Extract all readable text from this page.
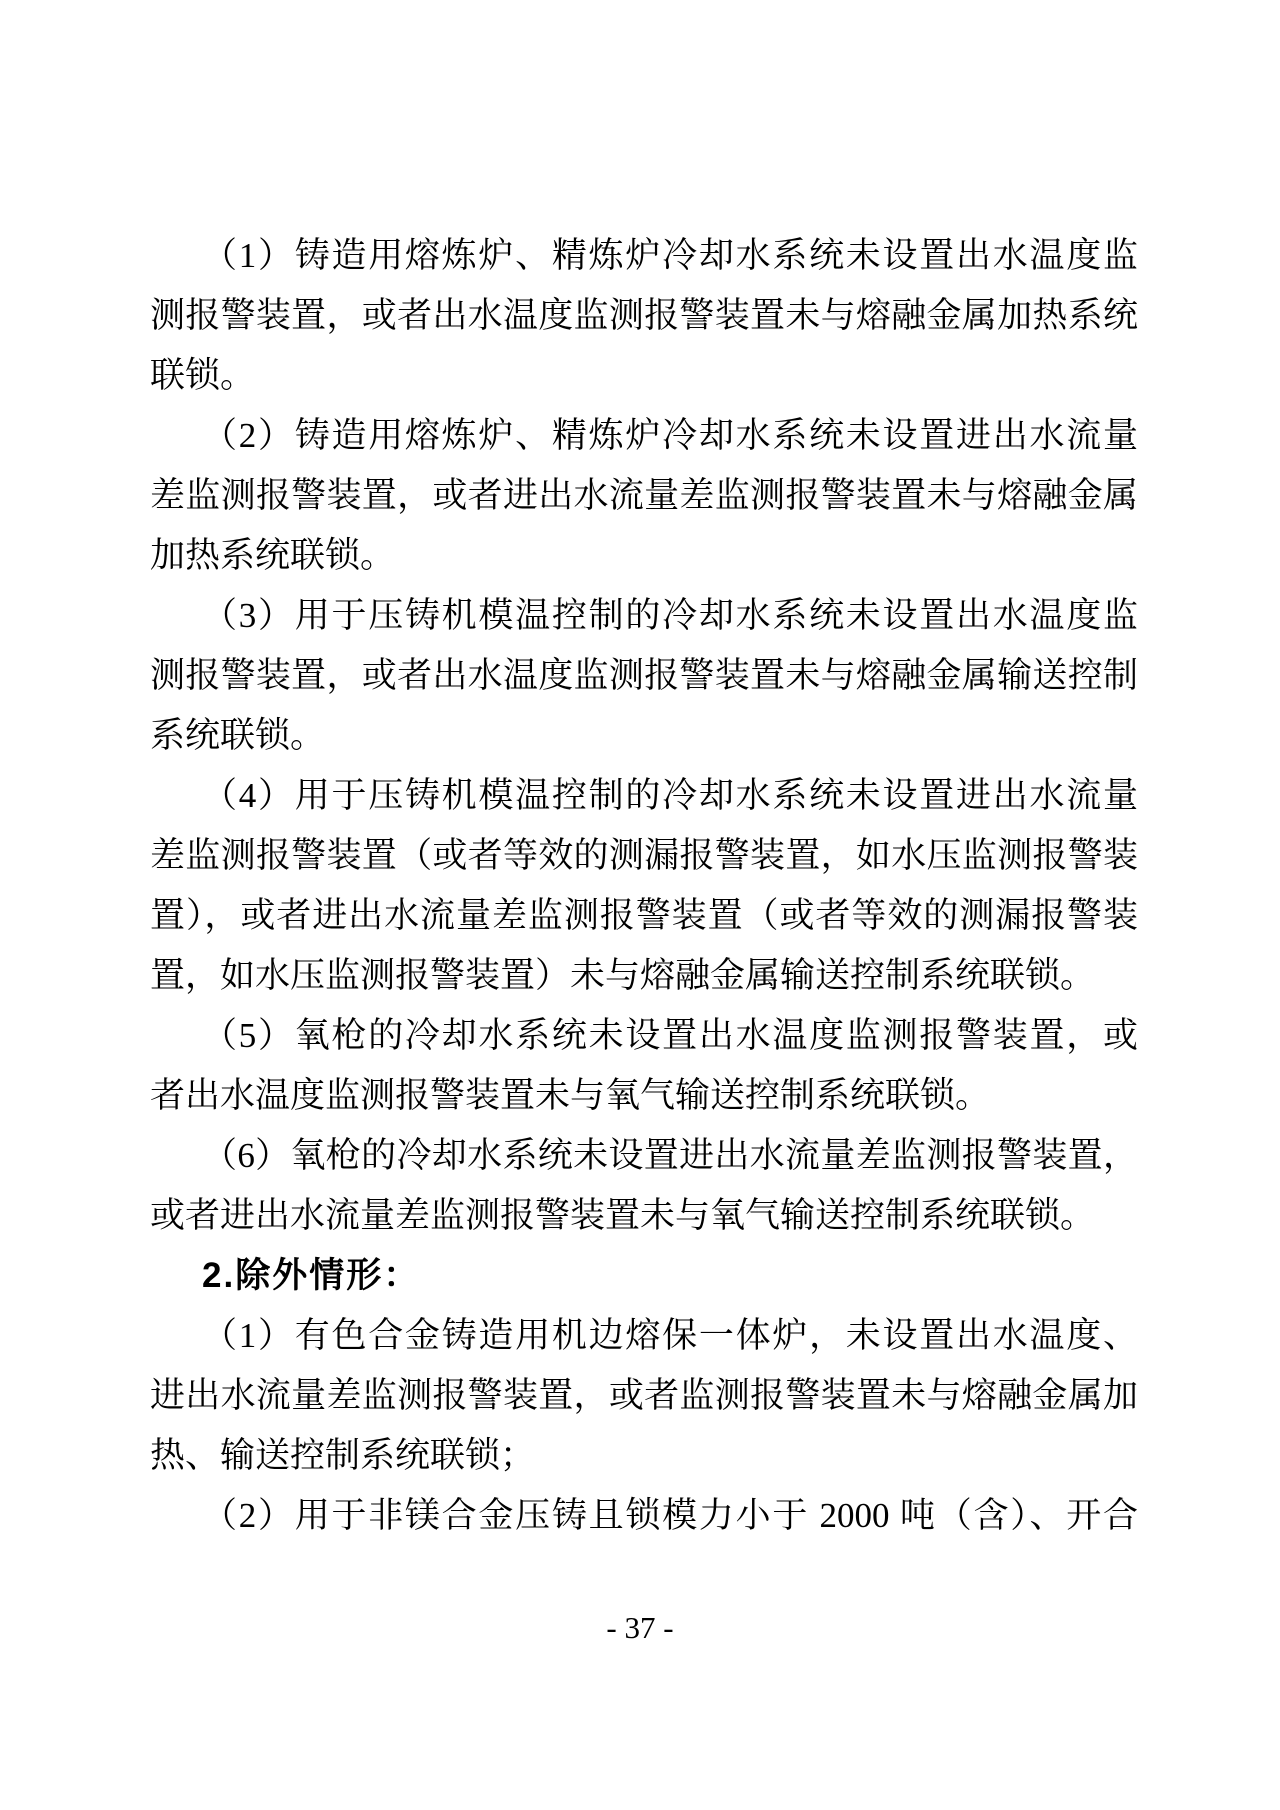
（1）铸造用熔炼炉、精炼炉冷却水系统未设置出水温度监
测报警装置，或者出水温度监测报警装置未与熔融金属加热系统
联锁。
（2）铸造用熔炼炉、精炼炉冷却水系统未设置进出水流量
差监测报警装置，或者进出水流量差监测报警装置未与熔融金属
加热系统联锁。
（3）用于压铸机模温控制的冷却水系统未设置出水温度监
测报警装置，或者出水温度监测报警装置未与熔融金属输送控制
系统联锁。
（4）用于压铸机模温控制的冷却水系统未设置进出水流量
差监测报警装置（或者等效的测漏报警装置，如水压监测报警装
置），或者进出水流量差监测报警装置（或者等效的测漏报警装
置，如水压监测报警装置）未与熔融金属输送控制系统联锁。
（5）氧枪的冷却水系统未设置出水温度监测报警装置，或
者出水温度监测报警装置未与氧气输送控制系统联锁。
（6）氧枪的冷却水系统未设置进出水流量差监测报警装置，
或者进出水流量差监测报警装置未与氧气输送控制系统联锁。
2.除外情形：
（1）有色合金铸造用机边熔保一体炉，未设置出水温度、
进出水流量差监测报警装置，或者监测报警装置未与熔融金属加
热、输送控制系统联锁；
（2）用于非镁合金压铸且锁模力小于 2000 吨（含）、开合
- 37 -
